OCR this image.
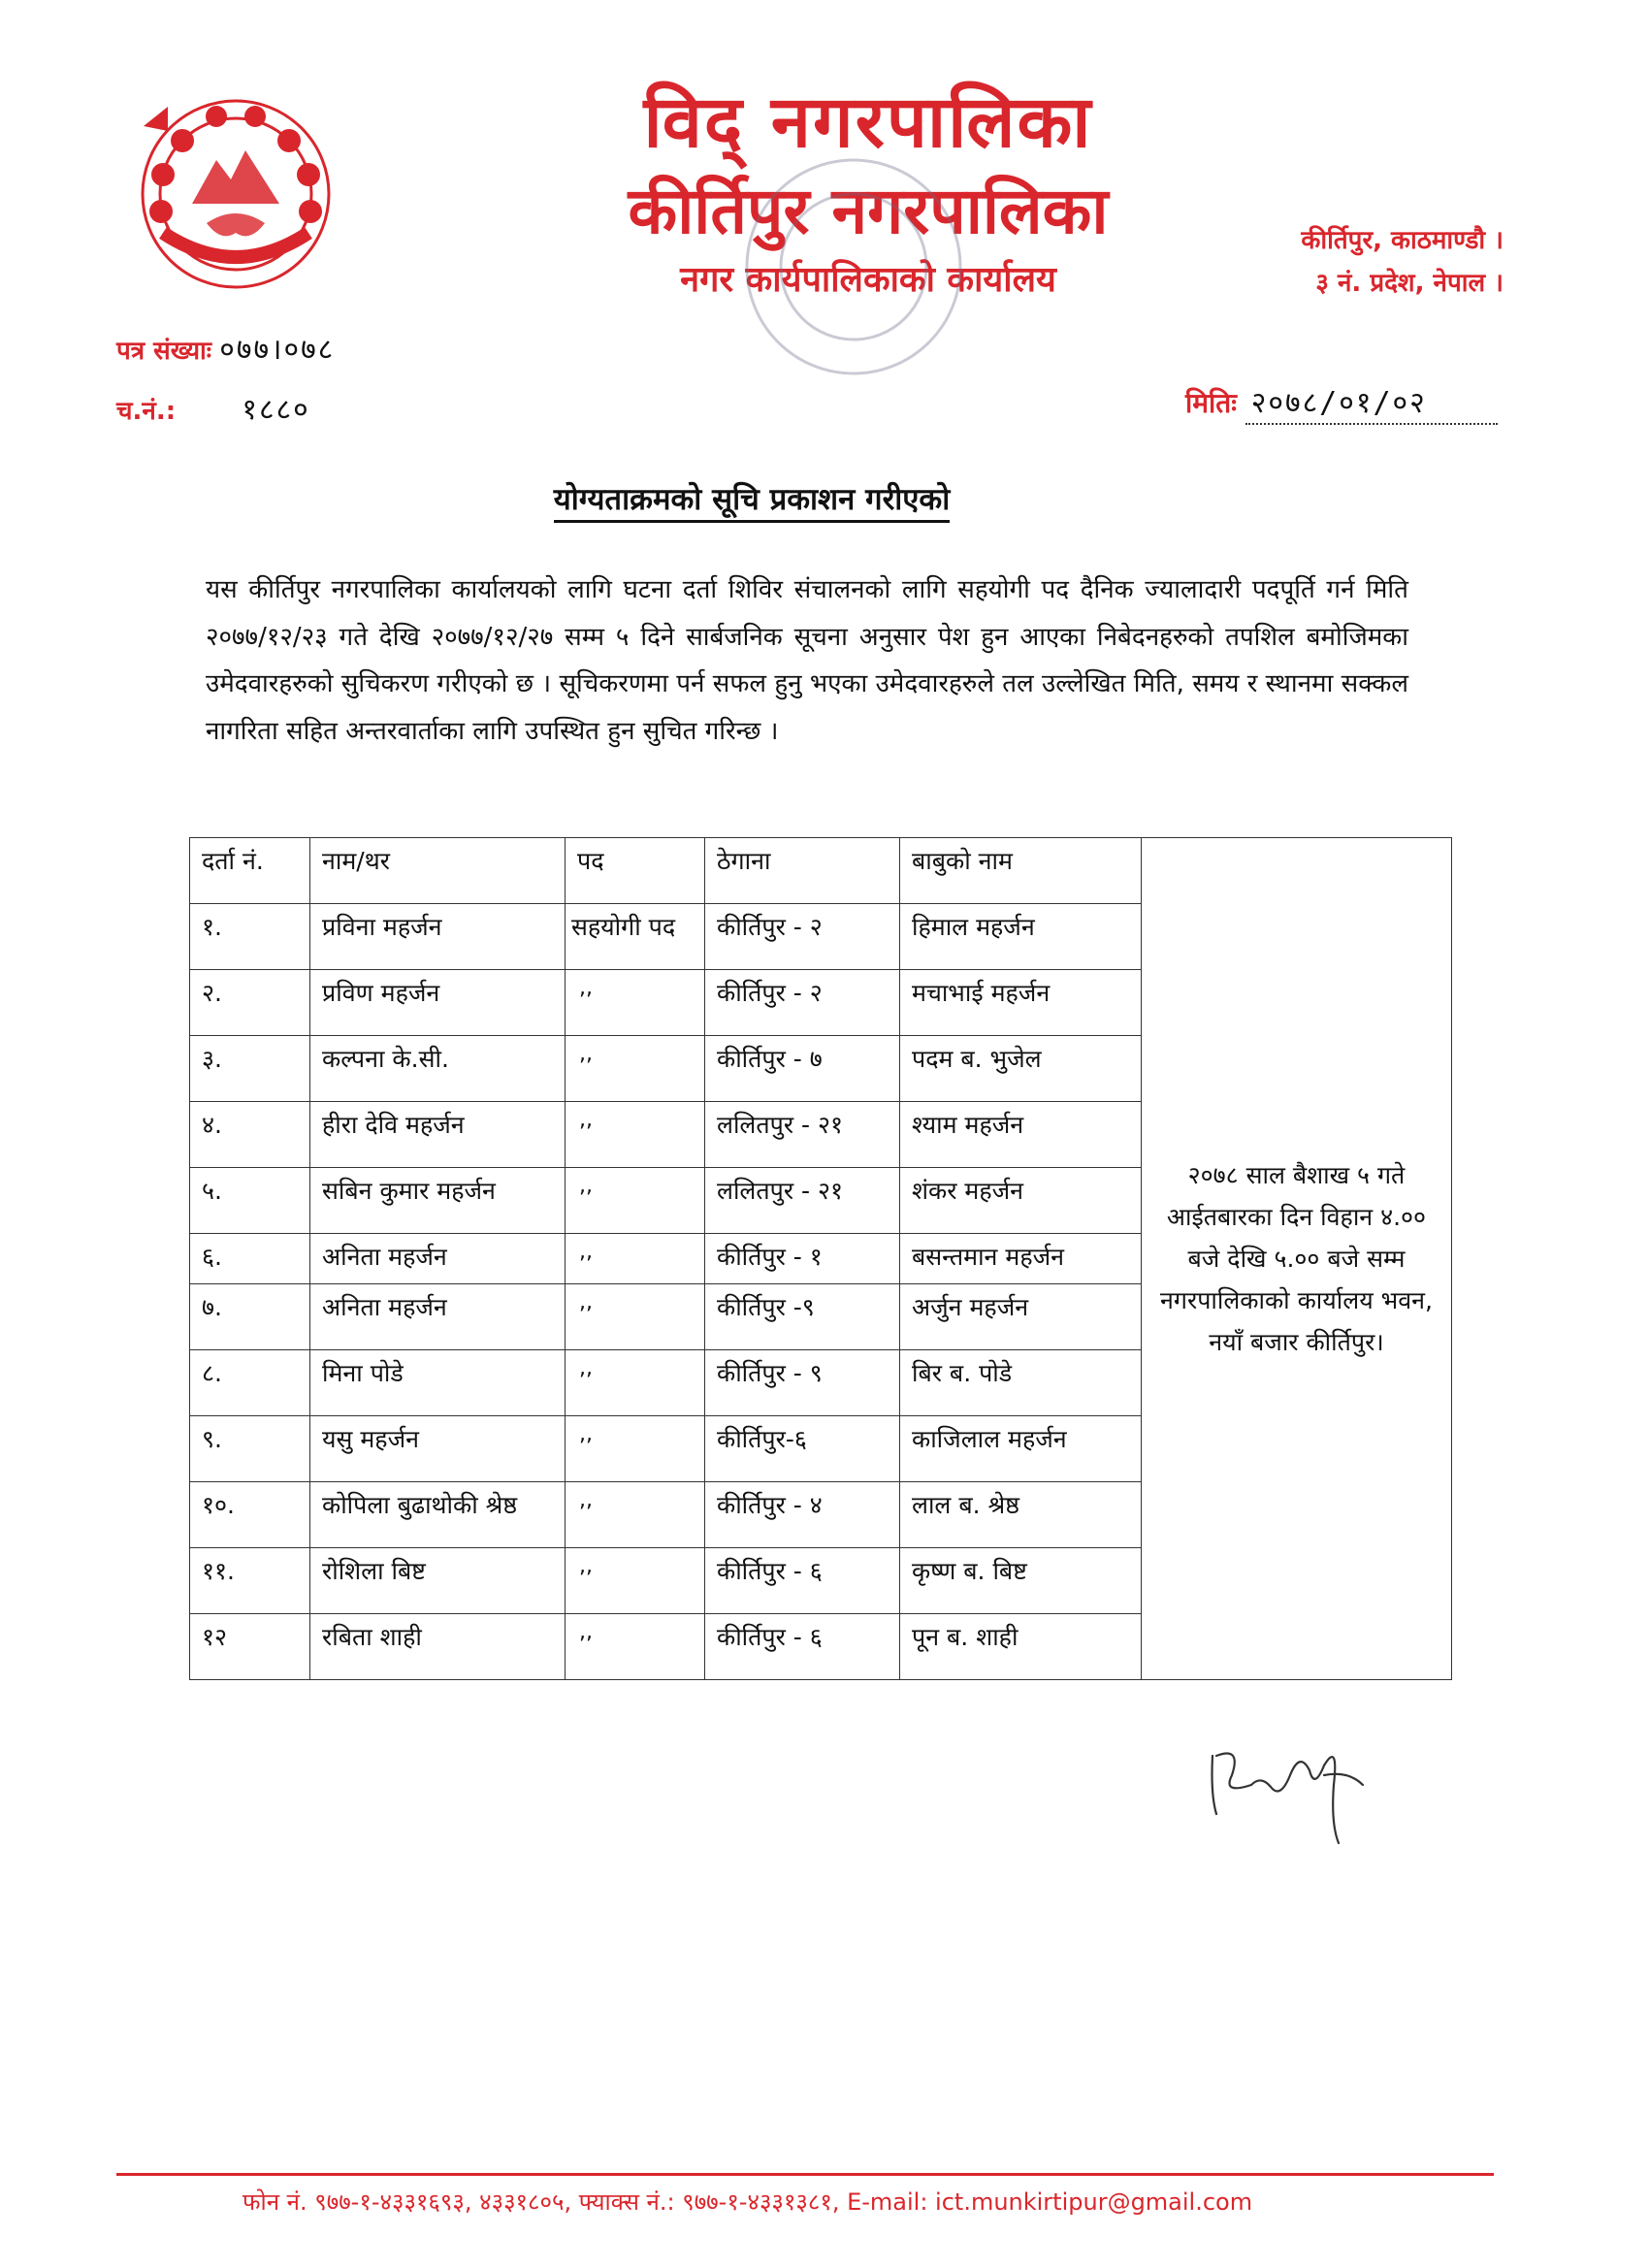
विद् नगरपालिका
कीर्तिपुर नगरपालिका
नगर कार्यपालिकाको कार्यालय
कीर्तिपुर, काठमाण्डौ ।
३ नं. प्रदेश, नेपाल ।
पत्र संख्याः ०७७।०७८
च.नं.: १८८०	मितिः २०७८/०१/०२
योग्यताक्रमको सूचि प्रकाशन गरीएको
यस कीर्तिपुर नगरपालिका कार्यालयको लागि घटना दर्ता शिविर संचालनको लागि सहयोगी पद दैनिक ज्यालादारी पदपूर्ति गर्न मिति २०७७/१२/२३ गते देखि २०७७/१२/२७ सम्म ५ दिने सार्बजनिक सूचना अनुसार पेश हुन आएका निबेदनहरुको तपशिल बमोजिमका उमेदवारहरुको सुचिकरण गरीएको छ । सूचिकरणमा पर्न सफल हुनु भएका उमेदवारहरुले तल उल्लेखित मिति, समय र स्थानमा सक्कल नागरिता सहित अन्तरवार्ताका लागि उपस्थित हुन सुचित गरिन्छ ।
दर्ता नं.	नाम/थर	पद	ठेगाना	बाबुको नाम	२०७८ साल बैशाख ५ गते आईतबारका दिन विहान ४.०० बजे देखि ५.०० बजे सम्म नगरपालिकाको कार्यालय भवन, नयाँ बजार कीर्तिपुर।
१.	प्रविना महर्जन	सहयोगी पद	कीर्तिपुर - २	हिमाल महर्जन	
२.	प्रविण महर्जन	,,	कीर्तिपुर - २	मचाभाई महर्जन	
३.	कल्पना के.सी.	,,	कीर्तिपुर - ७	पदम ब. भुजेल	
४.	हीरा देवि महर्जन	,,	ललितपुर - २१	श्याम महर्जन	
५.	सबिन कुमार महर्जन	,,	ललितपुर - २१	शंकर महर्जन	
६.	अनिता महर्जन	,,	कीर्तिपुर - १	बसन्तमान महर्जन	
७.	अनिता महर्जन	,,	कीर्तिपुर -९	अर्जुन महर्जन	
८.	मिना पोडे	,,	कीर्तिपुर - ९	बिर ब. पोडे	
९.	यसु महर्जन	,,	कीर्तिपुर-६	काजिलाल महर्जन	
१०.	कोपिला बुढाथोकी श्रेष्ठ	,,	कीर्तिपुर - ४	लाल ब. श्रेष्ठ	
११.	रोशिला बिष्ट	,,	कीर्तिपुर - ६	कृष्ण ब. बिष्ट	
१२	रबिता शाही	,,	कीर्तिपुर - ६	पून ब. शाही	
फोन नं. ९७७-१-४३३१६९३, ४३३१८०५, फ्याक्स नं.: ९७७-१-४३३१३८१, E-mail: ict.munkirtipur@gmail.com
